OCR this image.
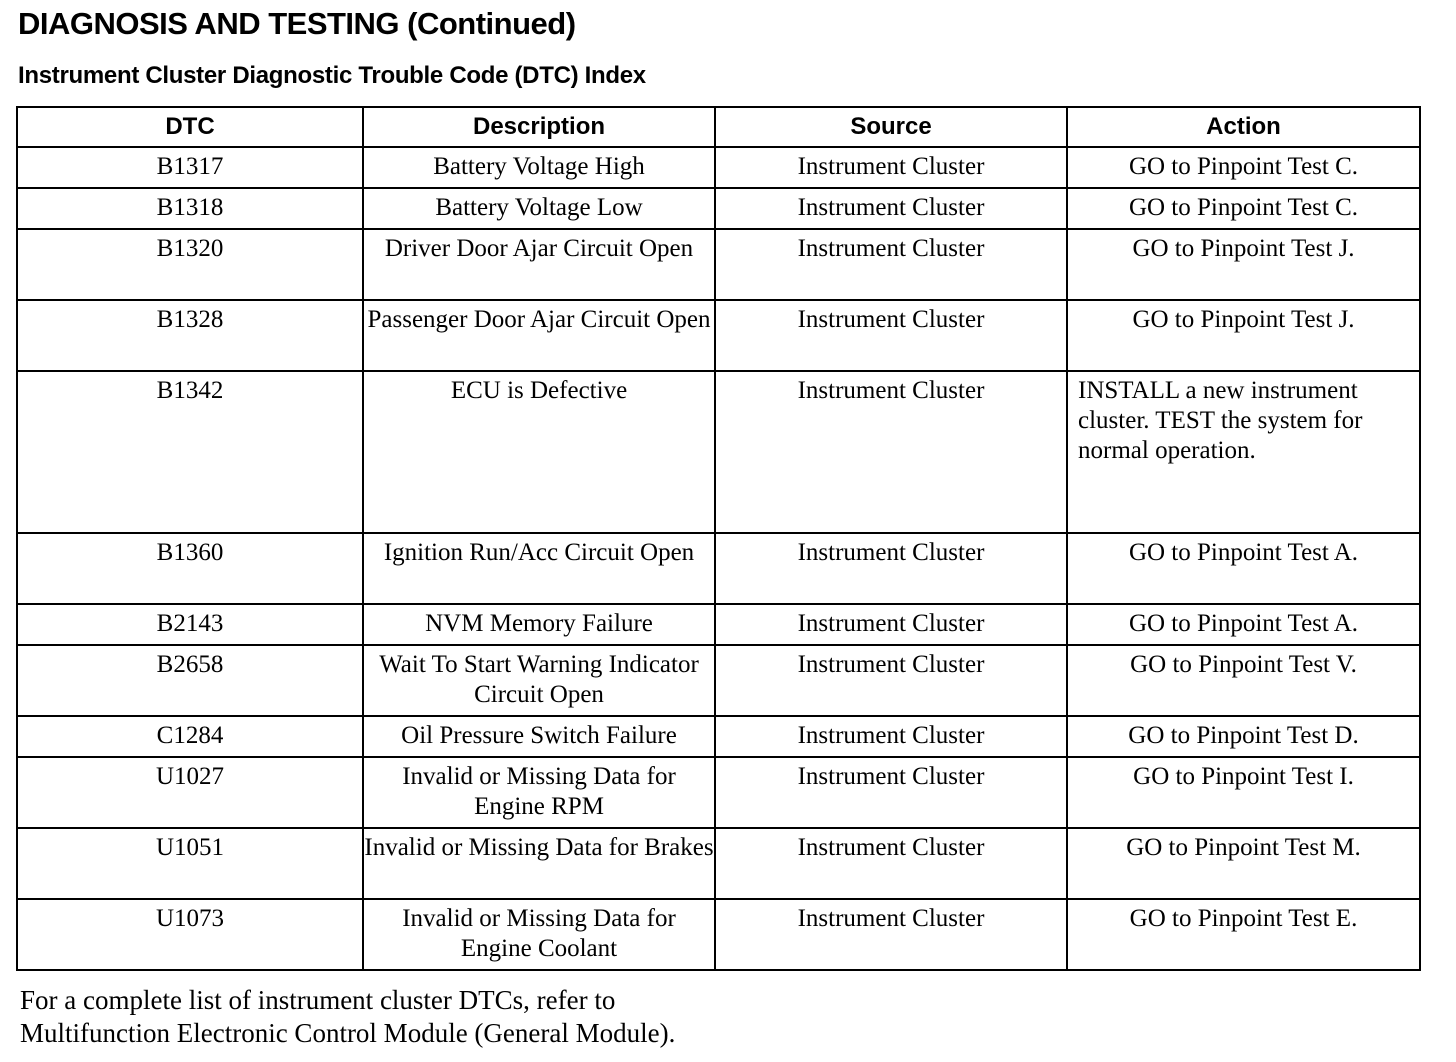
DIAGNOSIS AND TESTING (Continued)
Instrument Cluster Diagnostic Trouble Code (DTC) Index
DTC	Description	Source	Action
B1317	Battery Voltage High	Instrument Cluster	GO to Pinpoint Test C.
B1318	Battery Voltage Low	Instrument Cluster	GO to Pinpoint Test C.
B1320	Driver Door Ajar Circuit Open	Instrument Cluster	GO to Pinpoint Test J.
B1328	Passenger Door Ajar Circuit Open	Instrument Cluster	GO to Pinpoint Test J.
B1342	ECU is Defective	Instrument Cluster	INSTALL a new instrument cluster. TEST the system for normal operation.
B1360	Ignition Run/Acc Circuit Open	Instrument Cluster	GO to Pinpoint Test A.
B2143	NVM Memory Failure	Instrument Cluster	GO to Pinpoint Test A.
B2658	Wait To Start Warning Indicator Circuit Open	Instrument Cluster	GO to Pinpoint Test V.
C1284	Oil Pressure Switch Failure	Instrument Cluster	GO to Pinpoint Test D.
U1027	Invalid or Missing Data for Engine RPM	Instrument Cluster	GO to Pinpoint Test I.
U1051	Invalid or Missing Data for Brakes	Instrument Cluster	GO to Pinpoint Test M.
U1073	Invalid or Missing Data for Engine Coolant	Instrument Cluster	GO to Pinpoint Test E.
For a complete list of instrument cluster DTCs, refer to
Multifunction Electronic Control Module (General Module).
